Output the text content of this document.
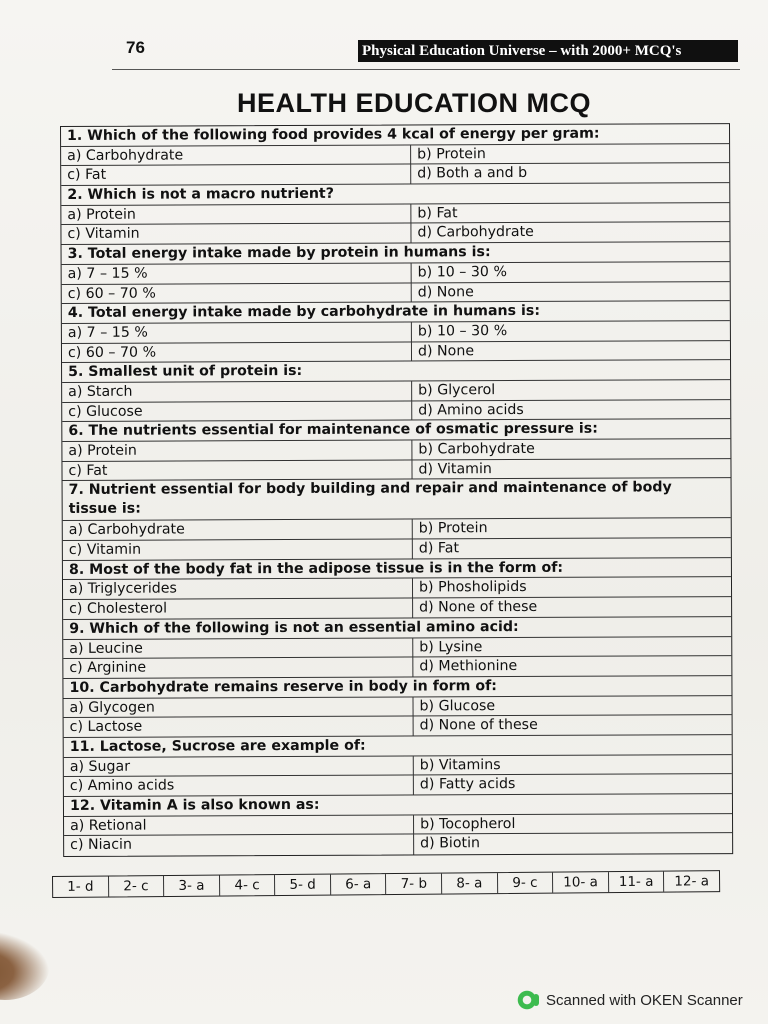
76	Physical Education Universe – with 2000+ MCQ's
HEALTH EDUCATION MCQ
1. Which of the following food provides 4 kcal of energy per gram:
a) Carbohydrate	b) Protein
c) Fat	d) Both a and b
2. Which is not a macro nutrient?
a) Protein	b) Fat
c) Vitamin	d) Carbohydrate
3. Total energy intake made by protein in humans is:
a) 7 – 15 %	b) 10 – 30 %
c) 60 – 70 %	d) None
4. Total energy intake made by carbohydrate in humans is:
a) 7 – 15 %	b) 10 – 30 %
c) 60 – 70 %	d) None
5. Smallest unit of protein is:
a) Starch	b) Glycerol
c) Glucose	d) Amino acids
6. The nutrients essential for maintenance of osmatic pressure is:
a) Protein	b) Carbohydrate
c) Fat	d) Vitamin
7. Nutrient essential for body building and repair and maintenance of body tissue is:
a) Carbohydrate	b) Protein
c) Vitamin	d) Fat
8. Most of the body fat in the adipose tissue is in the form of:
a) Triglycerides	b) Phosholipids
c) Cholesterol	d) None of these
9. Which of the following is not an essential amino acid:
a) Leucine	b) Lysine
c) Arginine	d) Methionine
10. Carbohydrate remains reserve in body in form of:
a) Glycogen	b) Glucose
c) Lactose	d) None of these
11. Lactose, Sucrose are example of:
a) Sugar	b) Vitamins
c) Amino acids	d) Fatty acids
12. Vitamin A is also known as:
a) Retional	b) Tocopherol
c) Niacin	d) Biotin
1- d	2- c	3- a	4- c	5- d	6- a	7- b	8- a	9- c	10- a	11- a	12- a
Scanned with OKEN Scanner
